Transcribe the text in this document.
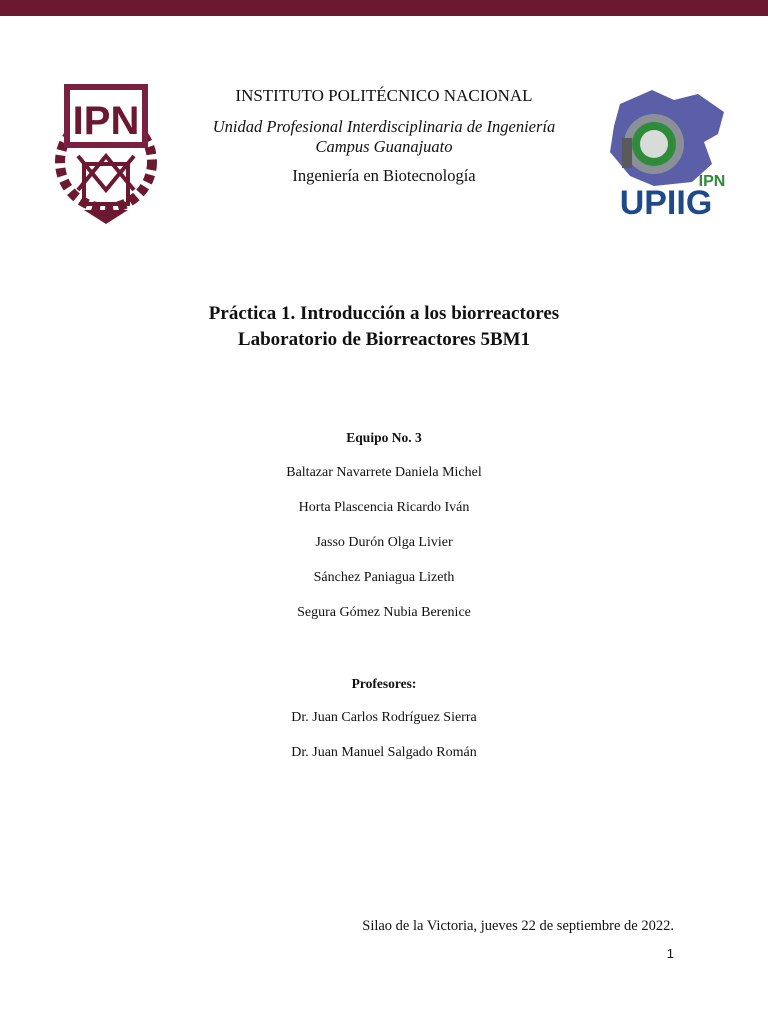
IPN
IPN
UPIIG
INSTITUTO POLITÉCNICO NACIONAL
Unidad Profesional Interdisciplinaria de Ingeniería
Campus Guanajuato
Ingeniería en Biotecnología
Práctica 1. Introducción a los biorreactores
Laboratorio de Biorreactores 5BM1
Equipo No. 3
Baltazar Navarrete Daniela Michel
Horta Plascencia Ricardo Iván
Jasso Durón Olga Livier
Sánchez Paniagua Lizeth
Segura Gómez Nubia Berenice
Profesores:
Dr. Juan Carlos Rodríguez Sierra
Dr. Juan Manuel Salgado Román
Silao de la Victoria, jueves 22 de septiembre de 2022.
1
